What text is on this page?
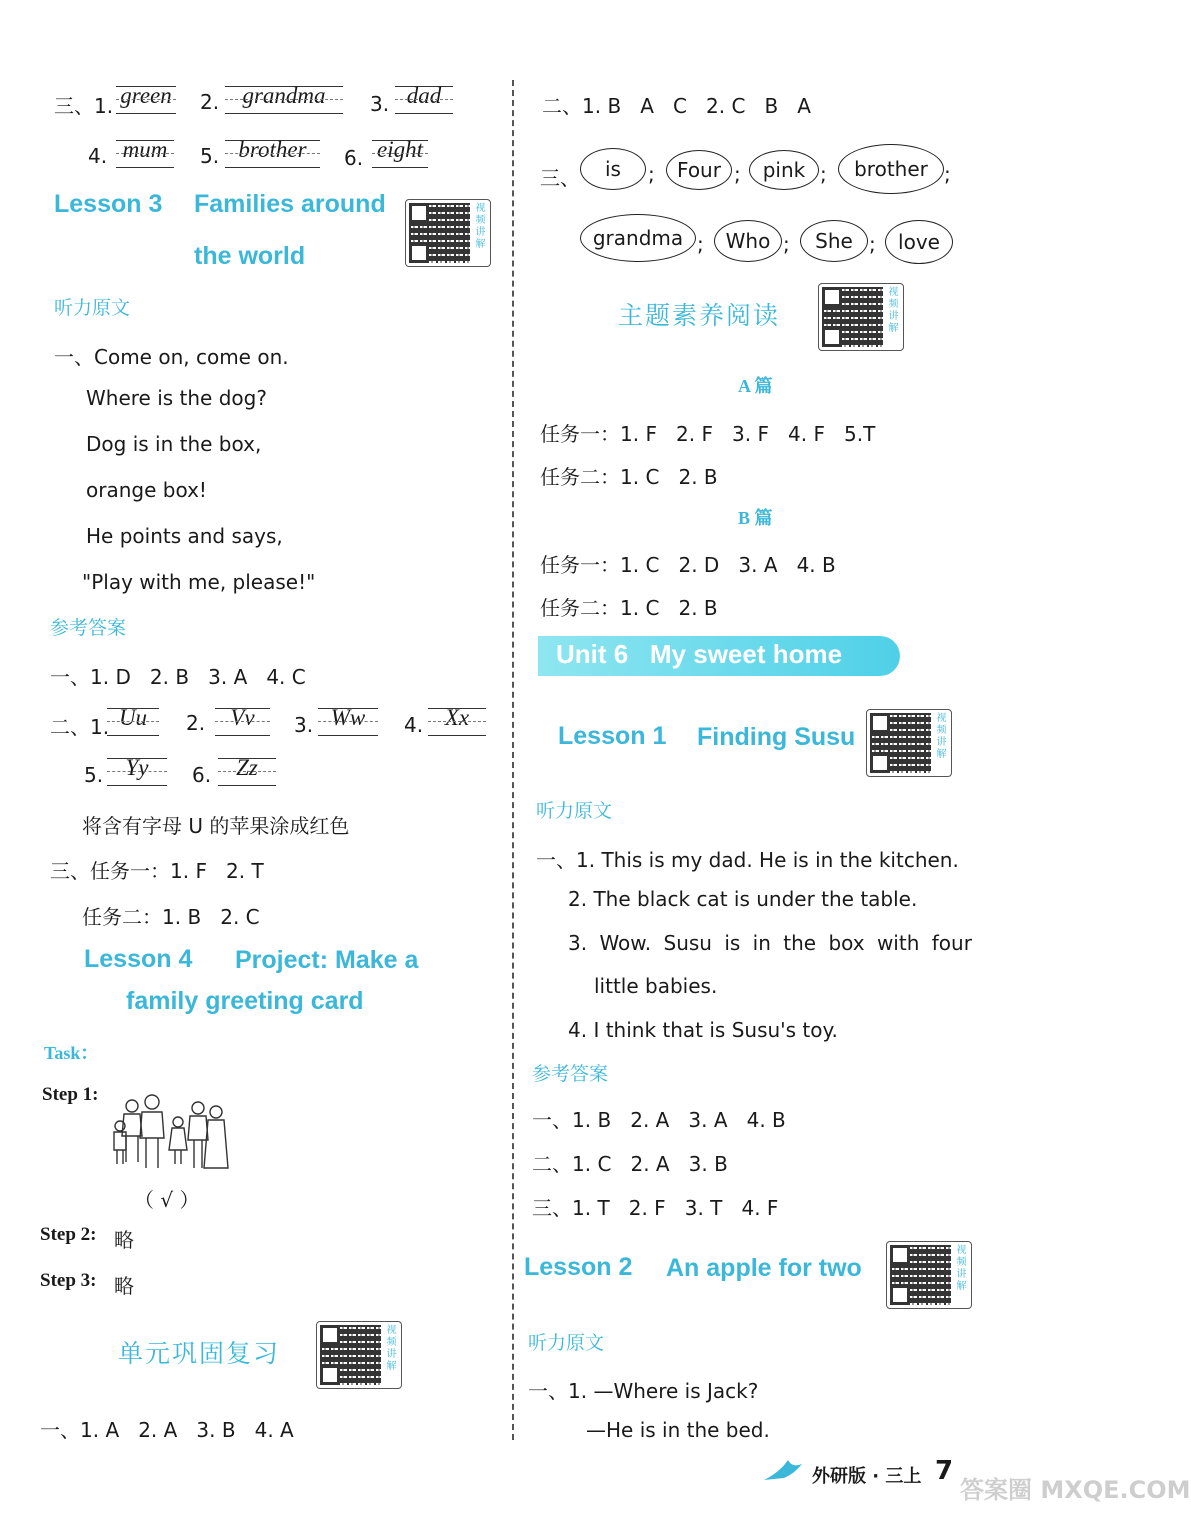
三、1. green 2.	grandma	3. dad
4. mum	5. brother	6. eight
Lesson 3 Families around
the world
视频讲解
听力原文
一、Come on, come on.
Where is the dog?
Dog is in the box,
orange box!
He points and says,
"Play with me, please!"
参考答案
一、1. D   2. B   3. A   4. C
二、1. Uu	2.	Vv	3. Ww	4. Xx
5. Yy	6.	Zz
将含有字母 U 的苹果涂成红色
三、任务一：1. F   2. T
任务二：1. B   2. C
Lesson 4 Project: Make a
family greeting card
Task：
Step 1:
（ √ ）
Step 2: 略
Step 3: 略
单元巩固复习
视频讲解
一、1. A   2. A   3. B   4. A
二、1. B   A   C   2. C   B   A
三、	is	;	Four ;	pink ;	brother ;
grandma ;	Who ;	She ;	love
主题素养阅读
视频讲解
A 篇
任务一：1. F   2. F   3. F   4. F   5.T
任务二：1. C   2. B
B 篇
任务一：1. C   2. D   3. A   4. B
任务二：1. C   2. B
Unit 6   My sweet home
Lesson 1 Finding Susu
视频讲解
听力原文
一、1. This is my dad. He is in the kitchen.
2. The black cat is under the table.
3. Wow. Susu is in the box with four
little babies.
4. I think that is Susu's toy.
参考答案
一、1. B   2. A   3. A   4. B
二、1. C   2. A   3. B
三、1. T   2. F   3. T   4. F
Lesson 2 An apple for two
视频讲解
听力原文
一、1. —Where is Jack?
—He is in the bed.
外研版 · 三上 7
答案圈 MXQE.COM
